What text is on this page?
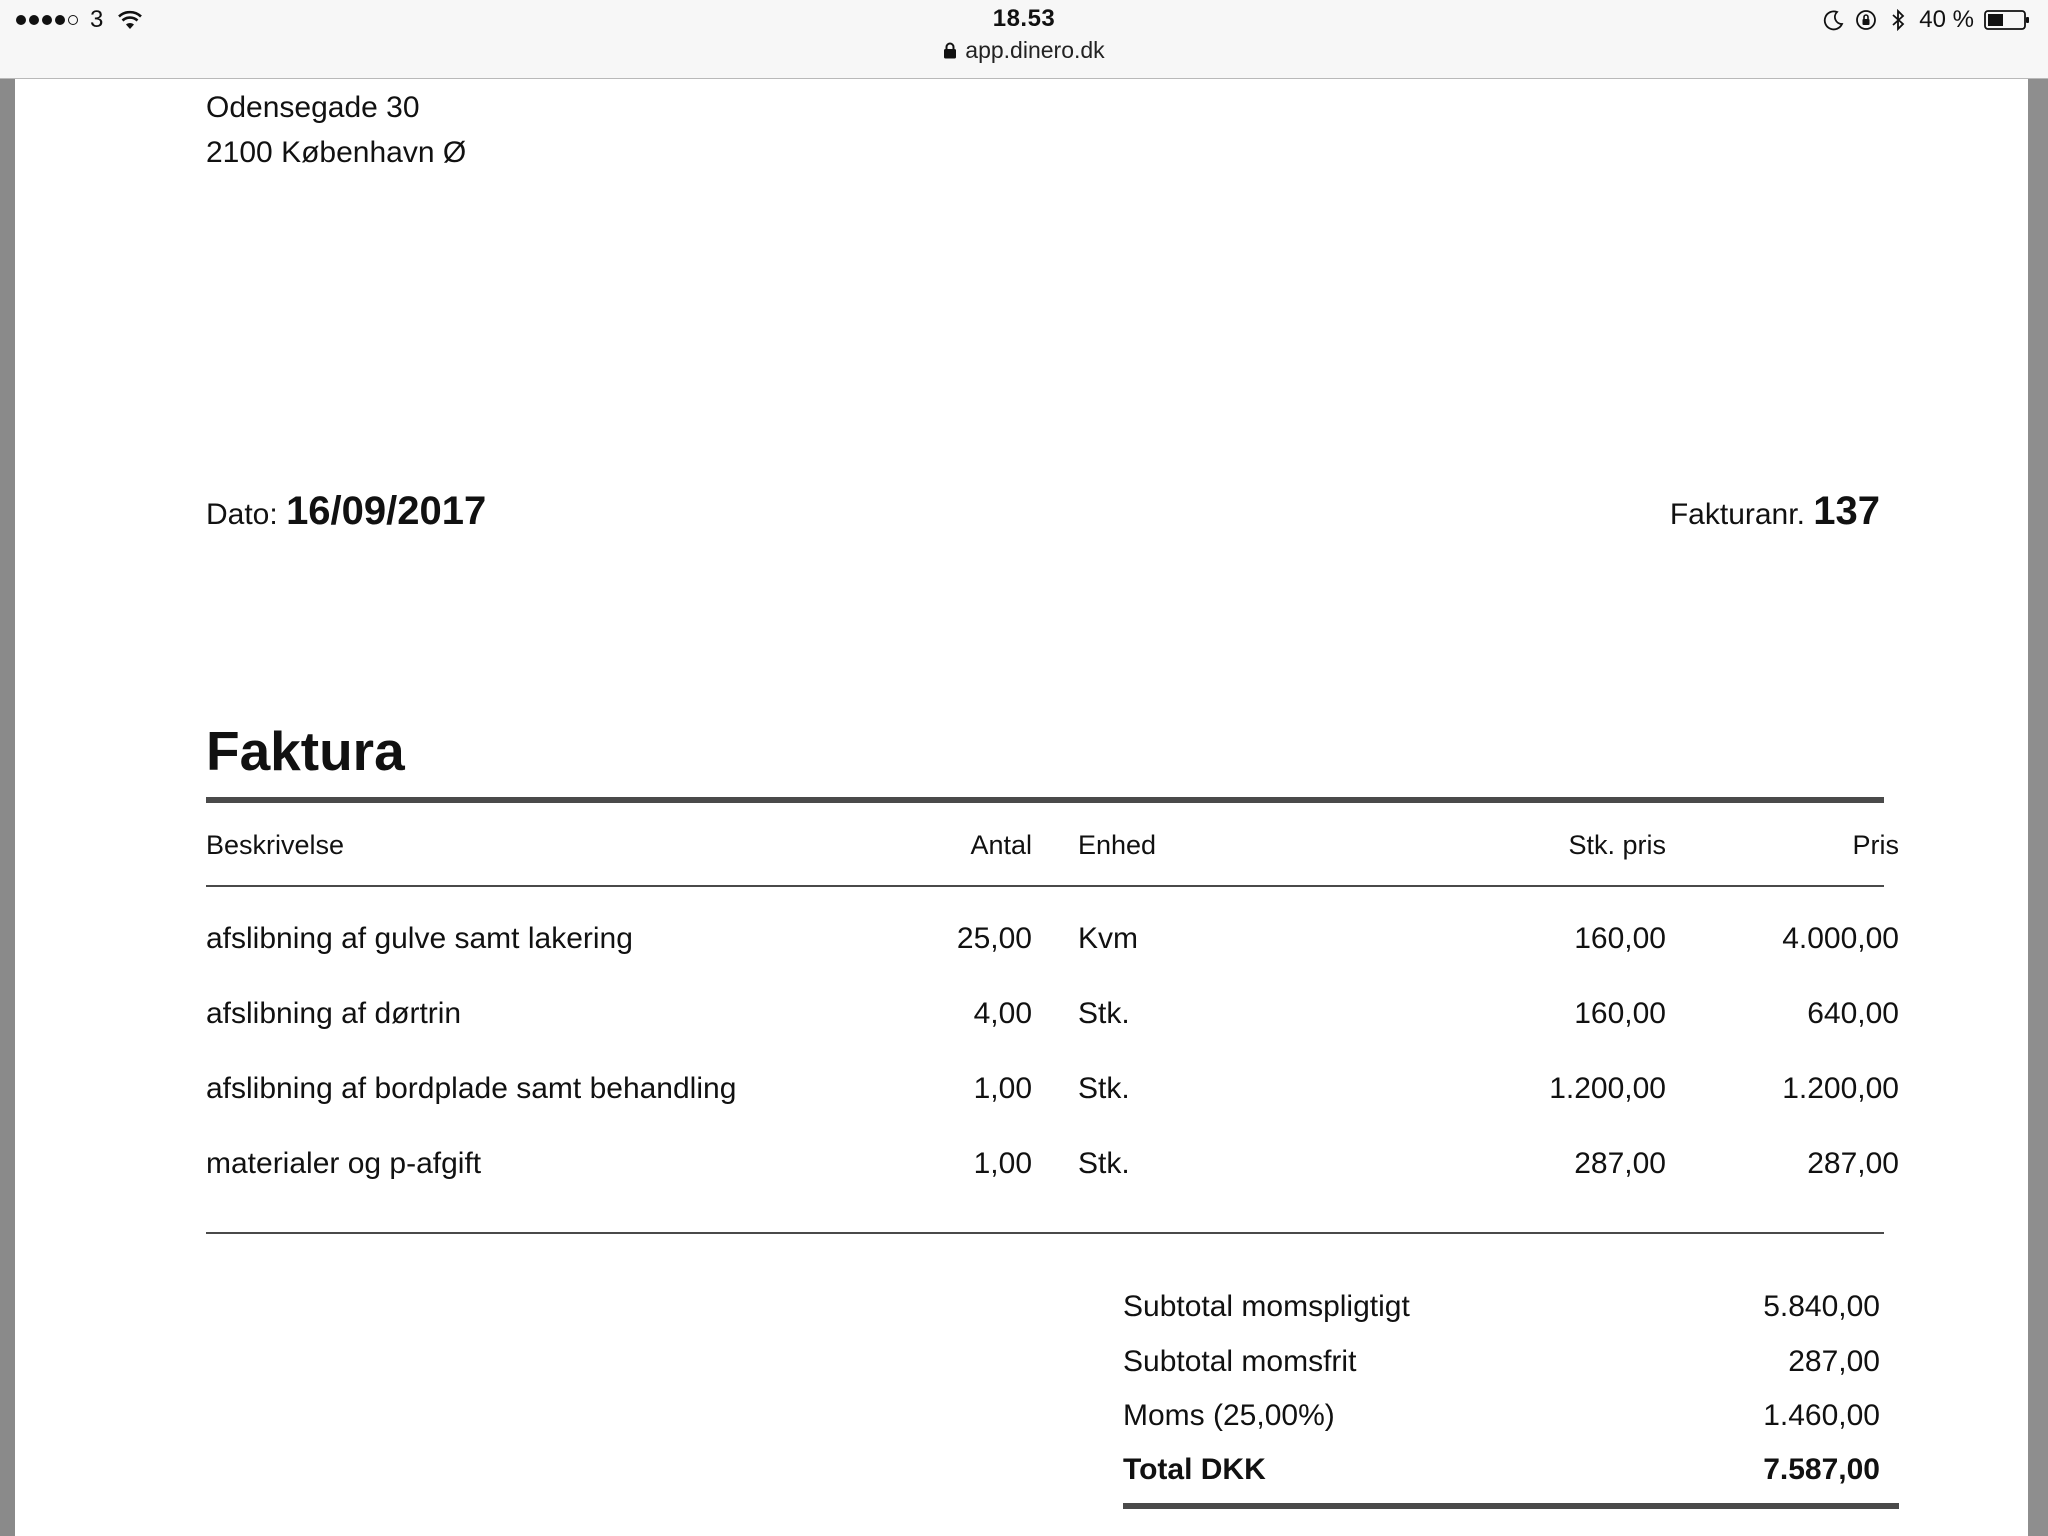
3	18.53
app.dinero.dk
40 %
Odensegade 30
2100 København Ø
Dato: 16/09/2017	Fakturanr. 137
Faktura
Beskrivelse	Antal Enhed	Stk. pris	Pris
afslibning af gulve samt lakering	25,00 Kvm	160,00	4.000,00
afslibning af dørtrin	4,00 Stk.	160,00	640,00
afslibning af bordplade samt behandling	1,00 Stk.	1.200,00	1.200,00
materialer og p-afgift	1,00 Stk.	287,00	287,00
Subtotal momspligtigt	5.840,00
Subtotal momsfrit	287,00
Moms (25,00%)	1.460,00
Total DKK	7.587,00
